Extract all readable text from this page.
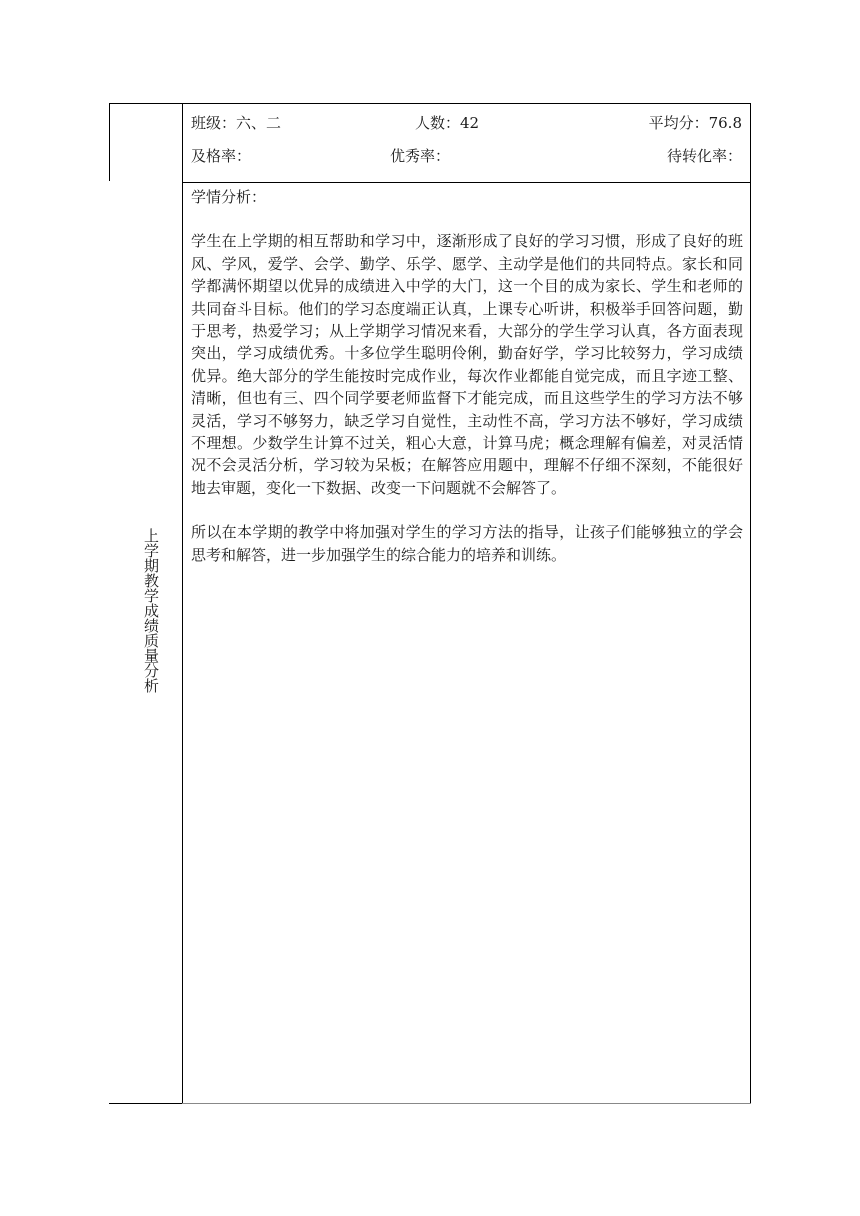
班级：六、二	人数：42	平均分：76.8
及格率：	优秀率：	待转化率：
上学期教学成绩质量分析

学情分析：

学生在上学期的相互帮助和学习中，逐渐形成了良好的学习习惯，形成了良好的班风、学风，爱学、会学、勤学、乐学、愿学、主动学是他们的共同特点。家长和同学都满怀期望以优异的成绩进入中学的大门，这一个目的成为家长、学生和老师的共同奋斗目标。他们的学习态度端正认真，上课专心听讲，积极举手回答问题，勤于思考，热爱学习；从上学期学习情况来看，大部分的学生学习认真，各方面表现突出，学习成绩优秀。十多位学生聪明伶俐，勤奋好学，学习比较努力，学习成绩优异。绝大部分的学生能按时完成作业，每次作业都能自觉完成，而且字迹工整、清晰，但也有三、四个同学要老师监督下才能完成，而且这些学生的学习方法不够灵活，学习不够努力，缺乏学习自觉性，主动性不高，学习方法不够好，学习成绩不理想。少数学生计算不过关，粗心大意，计算马虎；概念理解有偏差，对灵活情况不会灵活分析，学习较为呆板；在解答应用题中，理解不仔细不深刻，不能很好地去审题，变化一下数据、改变一下问题就不会解答了。

所以在本学期的教学中将加强对学生的学习方法的指导，让孩子们能够独立的学会思考和解答，进一步加强学生的综合能力的培养和训练。
